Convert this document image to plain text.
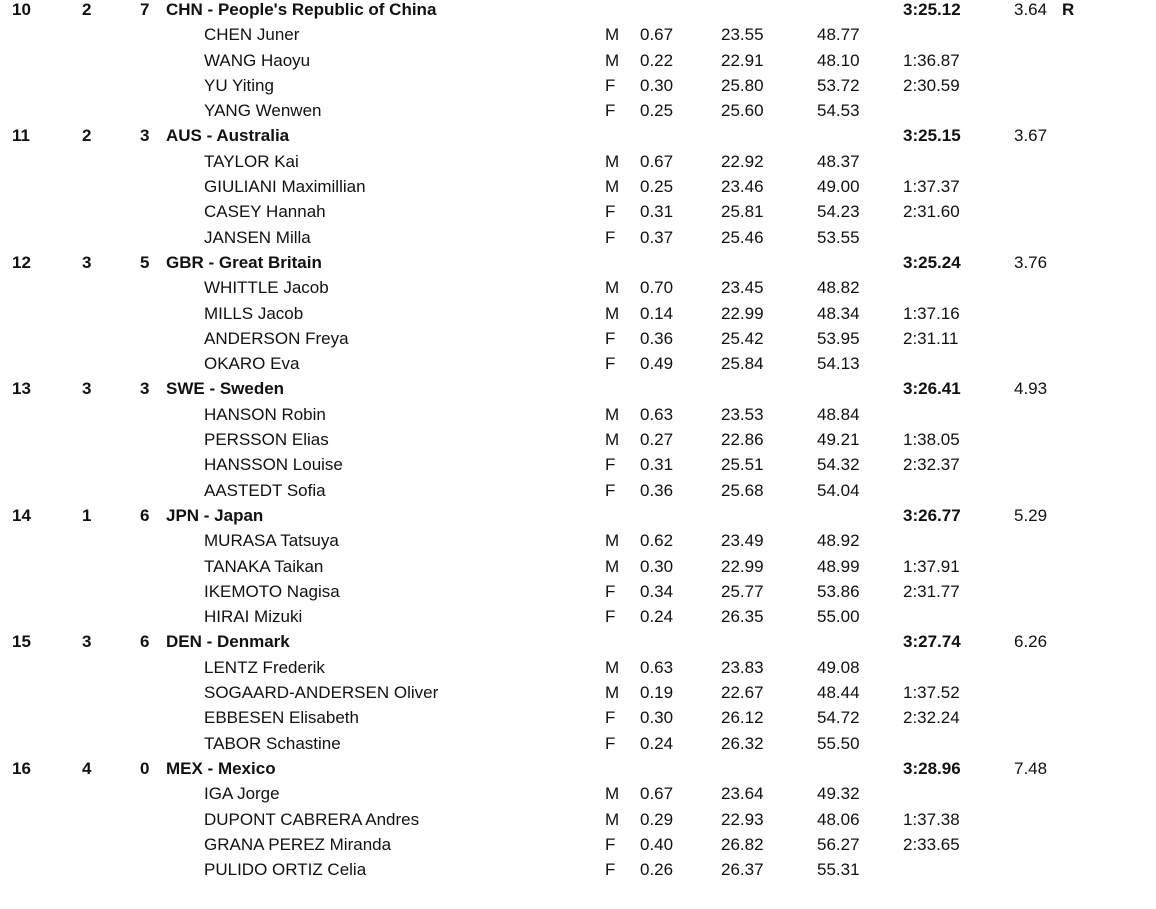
10	2	7 CHN - People's Republic of China	3:25.12	3.64 R
CHEN Juner	M 0.67	23.55	48.77
WANG Haoyu	M 0.22	22.91	48.10	1:36.87
YU Yiting	F 0.30	25.80	53.72	2:30.59
YANG Wenwen	F 0.25	25.60	54.53
11	2	3 AUS - Australia	3:25.15	3.67
TAYLOR Kai	M 0.67	22.92	48.37
GIULIANI Maximillian	M 0.25	23.46	49.00	1:37.37
CASEY Hannah	F 0.31	25.81	54.23	2:31.60
JANSEN Milla	F 0.37	25.46	53.55
12	3	5 GBR - Great Britain	3:25.24	3.76
WHITTLE Jacob	M 0.70	23.45	48.82
MILLS Jacob	M 0.14	22.99	48.34	1:37.16
ANDERSON Freya	F 0.36	25.42	53.95	2:31.11
OKARO Eva	F 0.49	25.84	54.13
13	3	3 SWE - Sweden	3:26.41	4.93
HANSON Robin	M 0.63	23.53	48.84
PERSSON Elias	M 0.27	22.86	49.21	1:38.05
HANSSON Louise	F 0.31	25.51	54.32	2:32.37
AASTEDT Sofia	F 0.36	25.68	54.04
14	1	6 JPN - Japan	3:26.77	5.29
MURASA Tatsuya	M 0.62	23.49	48.92
TANAKA Taikan	M 0.30	22.99	48.99	1:37.91
IKEMOTO Nagisa	F 0.34	25.77	53.86	2:31.77
HIRAI Mizuki	F 0.24	26.35	55.00
15	3	6 DEN - Denmark	3:27.74	6.26
LENTZ Frederik	M 0.63	23.83	49.08
SOGAARD-ANDERSEN Oliver	M 0.19	22.67	48.44	1:37.52
EBBESEN Elisabeth	F 0.30	26.12	54.72	2:32.24
TABOR Schastine	F 0.24	26.32	55.50
16	4	0 MEX - Mexico	3:28.96	7.48
IGA Jorge	M 0.67	23.64	49.32
DUPONT CABRERA Andres	M 0.29	22.93	48.06	1:37.38
GRANA PEREZ Miranda	F 0.40	26.82	56.27	2:33.65
PULIDO ORTIZ Celia	F 0.26	26.37	55.31
